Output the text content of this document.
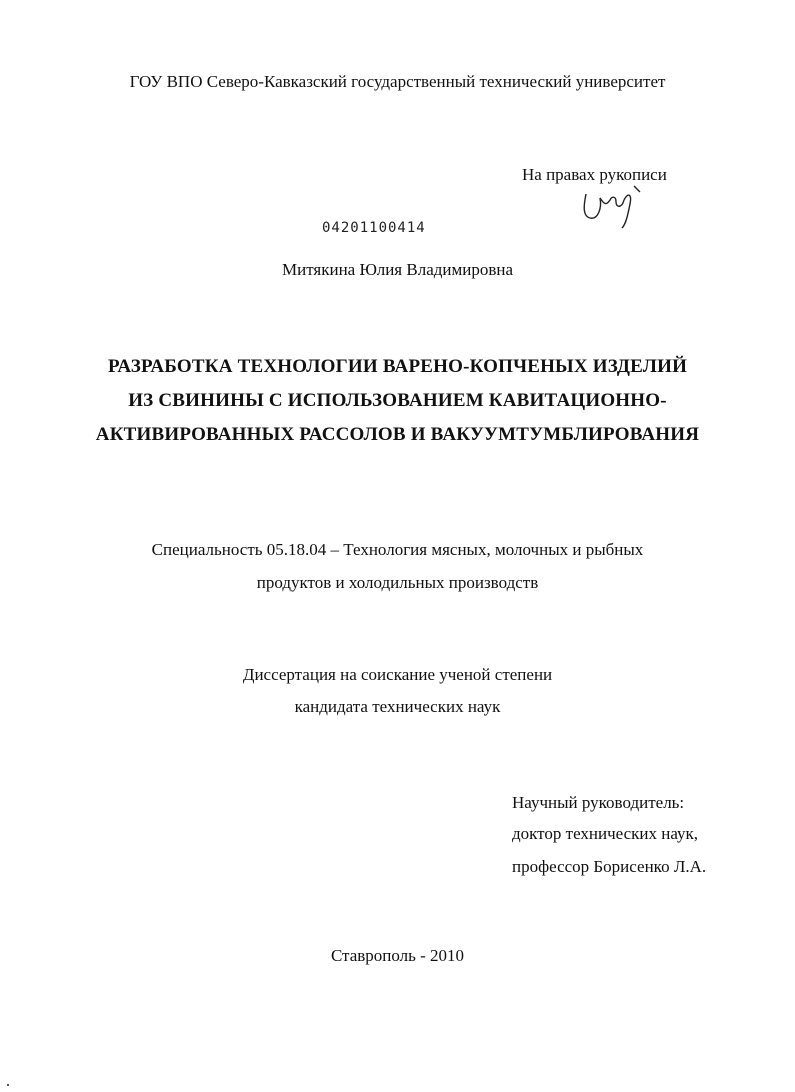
ГОУ ВПО Северо-Кавказский государственный технический университет
На правах рукописи
04201100414
Митякина Юлия Владимировна
РАЗРАБОТКА ТЕХНОЛОГИИ ВАРЕНО-КОПЧЕНЫХ ИЗДЕЛИЙ
ИЗ СВИНИНЫ С ИСПОЛЬЗОВАНИЕМ КАВИТАЦИОННО-
АКТИВИРОВАННЫХ РАССОЛОВ И ВАКУУМТУМБЛИРОВАНИЯ
Специальность 05.18.04 – Технология мясных, молочных и рыбных
продуктов и холодильных производств
Диссертация на соискание ученой степени
кандидата технических наук
Научный руководитель:
доктор технических наук,
профессор Борисенко Л.А.
Ставрополь - 2010
